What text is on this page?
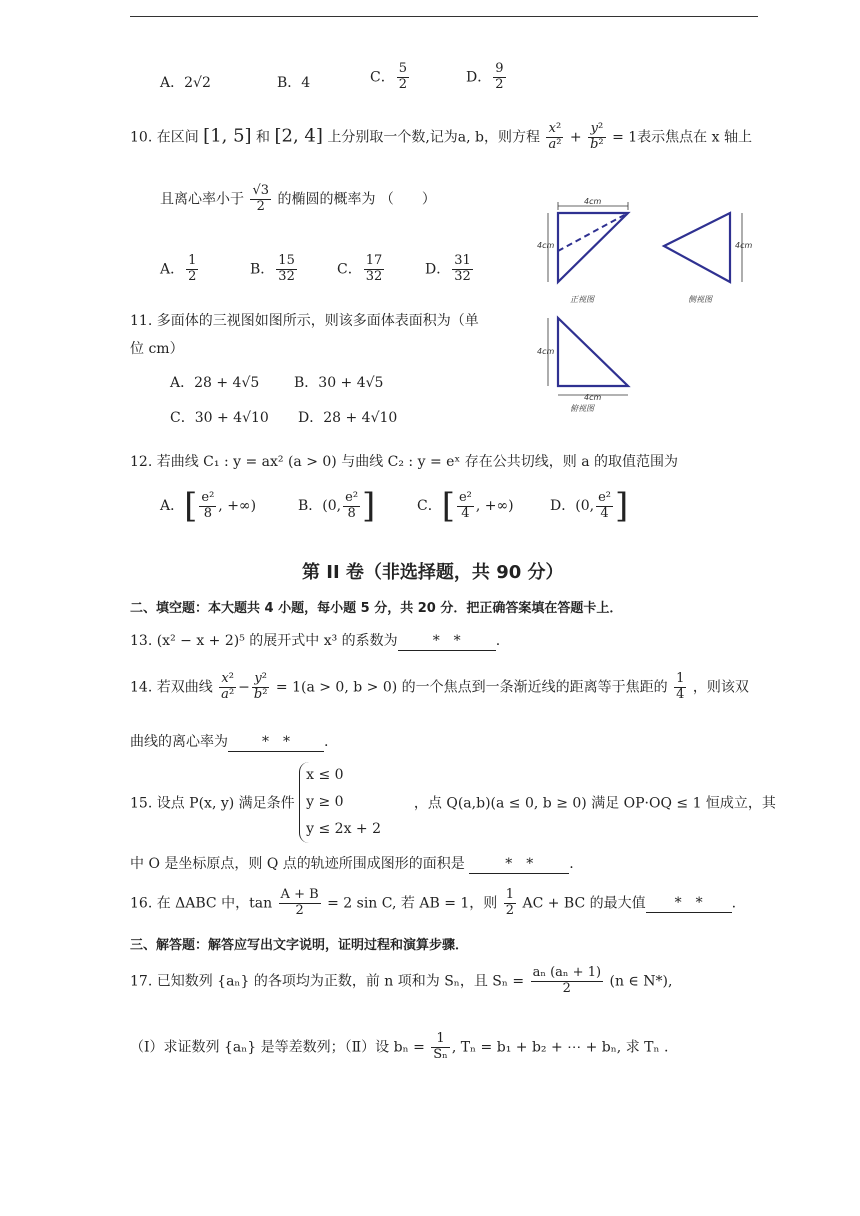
A．2√2	B．4	C． $\frac{5}{2}$	D． $\frac{9}{2}$
10. 在区间 [1, 5] 和 [2, 4] 上分别取一个数,记为a, b，则方程 $\frac{\text{x²}}{\text{a²}} + \frac{\text{y²}}{\text{b²}} = 1$表示焦点在 x 轴上
且离心率小于 $\frac{√3}{2}$ 的椭圆的概率为 （　　）
A． $\frac{1}{2}$	B． $\frac{15}{32}$	C． $\frac{17}{32}$	D． $\frac{31}{32}$
4cm
4cm
正视图
4cm
侧视图
4cm
4cm
俯视图
11. 多面体的三视图如图所示，则该多面体表面积为（单
位 cm）
A．28 + 4√5 B．30 + 4√5
C．30 + 4√10 D．28 + 4√10
12. 若曲线 C₁ : y = ax² (a > 0) 与曲线 C₂ : y = eˣ 存在公共切线，则 a 的取值范围为
A．[ $\frac{\text{e²}}{8}$ , +∞)	B．(0, $\frac{\text{e²}}{8}$ ]	C．[ $\frac{\text{e²}}{4}$ , +∞)	D．(0, $\frac{\text{e²}}{4}$ ]
第 II 卷（非选择题，共 90 分）
二、填空题：本大题共 4 小题，每小题 5 分，共 20 分．把正确答案填在答题卡上．
13. (x² − x + 2)⁵ 的展开式中 x³ 的系数为	*　*	.
14. 若双曲线 $\frac{\text{x²}}{\text{a²}} - \frac{\text{y²}}{\text{b²}} = 1(a > 0$, b > 0) 的一个焦点到一条渐近线的距离等于焦距的 $\frac{1}{4}$ ，则该双
曲线的离心率为 *　* .
15. 设点 P(x, y) 满足条件
x ≤ 0
y ≥ 0
y ≤ 2x + 2
，点 Q(a,b)(a ≤ 0, b ≥ 0) 满足 OP·OQ ≤ 1 恒成立，其
中 O 是坐标原点，则 Q 点的轨迹所围成图形的面积是	*　*	.
16. 在 ΔABC 中，$\tan \frac{A + B}{2} = 2$ sin C, 若 AB = 1，则 $\frac{1}{2}$ AC + BC 的最大值 *　* .
三、解答题：解答应写出文字说明，证明过程和演算步骤．
17. 已知数列 {aₙ} 的各项均为正数，前 n 项和为 Sₙ，且 $S_n = \frac{\text{aₙ (aₙ + 1)}}{2} (n$ ∈ N*),
（Ⅰ）求证数列 {aₙ} 是等差数列；（Ⅱ）设 $b_n = \frac{1}{\text{Sₙ}}$ , Tₙ = b₁ + b₂ + ⋯ + bₙ, 求 Tₙ .
